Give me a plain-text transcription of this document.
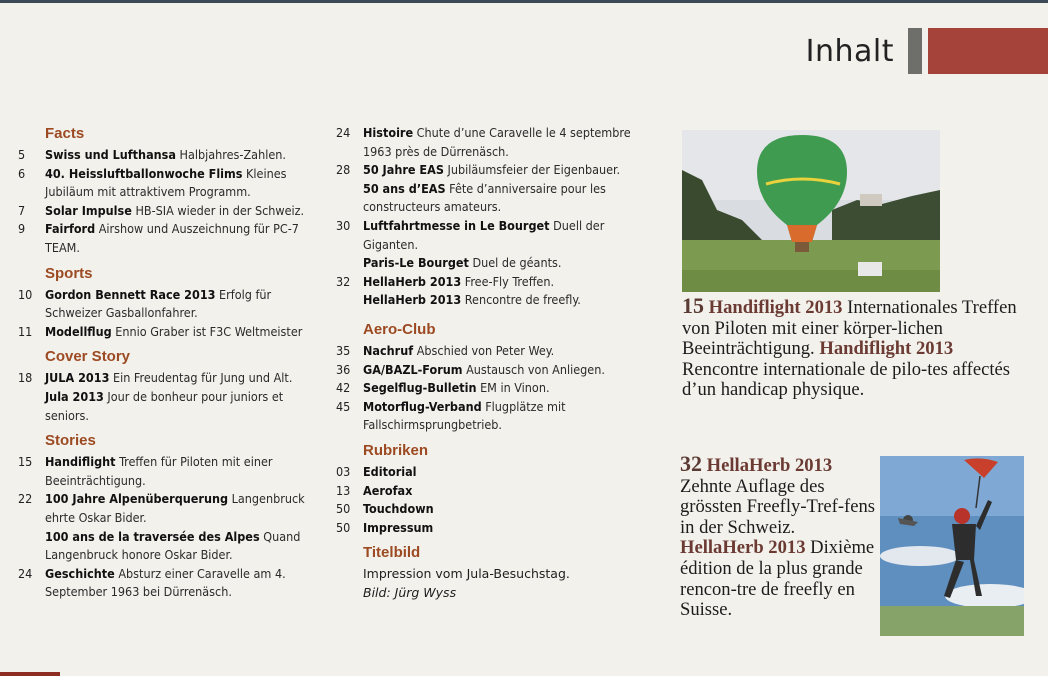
Inhalt
Facts
5	Swiss und Lufthansa Halbjahres-Zahlen.
6	40. Heissluftballonwoche Flims Kleines Jubiläum mit attraktivem Programm.
7	Solar Impulse HB-SIA wieder in der Schweiz.
9	Fairford Airshow und Auszeichnung für PC-7 TEAM.
Sports
10	Gordon Bennett Race 2013 Erfolg für Schweizer Gasballonfahrer.
11	Modellflug Ennio Graber ist F3C Weltmeister
Cover Story
18	JULA 2013 Ein Freudentag für Jung und Alt.
Jula 2013 Jour de bonheur pour juniors et seniors.
Stories
15	Handiflight Treffen für Piloten mit einer Beeinträchtigung.
22	100 Jahre Alpenüberquerung Langenbruck ehrte Oskar Bider.
100 ans de la traversée des Alpes Quand Langenbruck honore Oskar Bider.
24	Geschichte Absturz einer Caravelle am 4. September 1963 bei Dürrenäsch.
24	Histoire Chute d’une Caravelle le 4 septembre 1963 près de Dürrenäsch.
28	50 Jahre EAS Jubiläumsfeier der Eigenbauer.
50 ans d’EAS Fête d’anniversaire pour les constructeurs amateurs.
30	Luftfahrtmesse in Le Bourget Duell der Giganten.
Paris-Le Bourget Duel de géants.
32	HellaHerb 2013 Free-Fly Treffen.
HellaHerb 2013 Rencontre de freefly.
Aero-Club
35	Nachruf Abschied von Peter Wey.
36	GA/BAZL-Forum Austausch von Anliegen.
42	Segelflug-Bulletin EM in Vinon.
45	Motorflug-Verband Flugplätze mit Fallschirmsprungbetrieb.
Rubriken
03	Editorial
13	Aerofax
50	Touchdown
50	Impressum
Titelbild
Impression vom Jula-Besuchstag.
Bild: Jürg Wyss
15 Handiflight 2013 Internationales Treffen von Piloten mit einer körper-lichen Beeinträchtigung. Handiflight 2013 Rencontre internationale de pilo-tes affectés d’un handicap physique.
32 HellaHerb 2013 Zehnte Auflage des grössten Freefly-Tref-fens in der Schweiz. HellaHerb 2013 Dixième édition de la plus grande rencon-tre de freefly en Suisse.
